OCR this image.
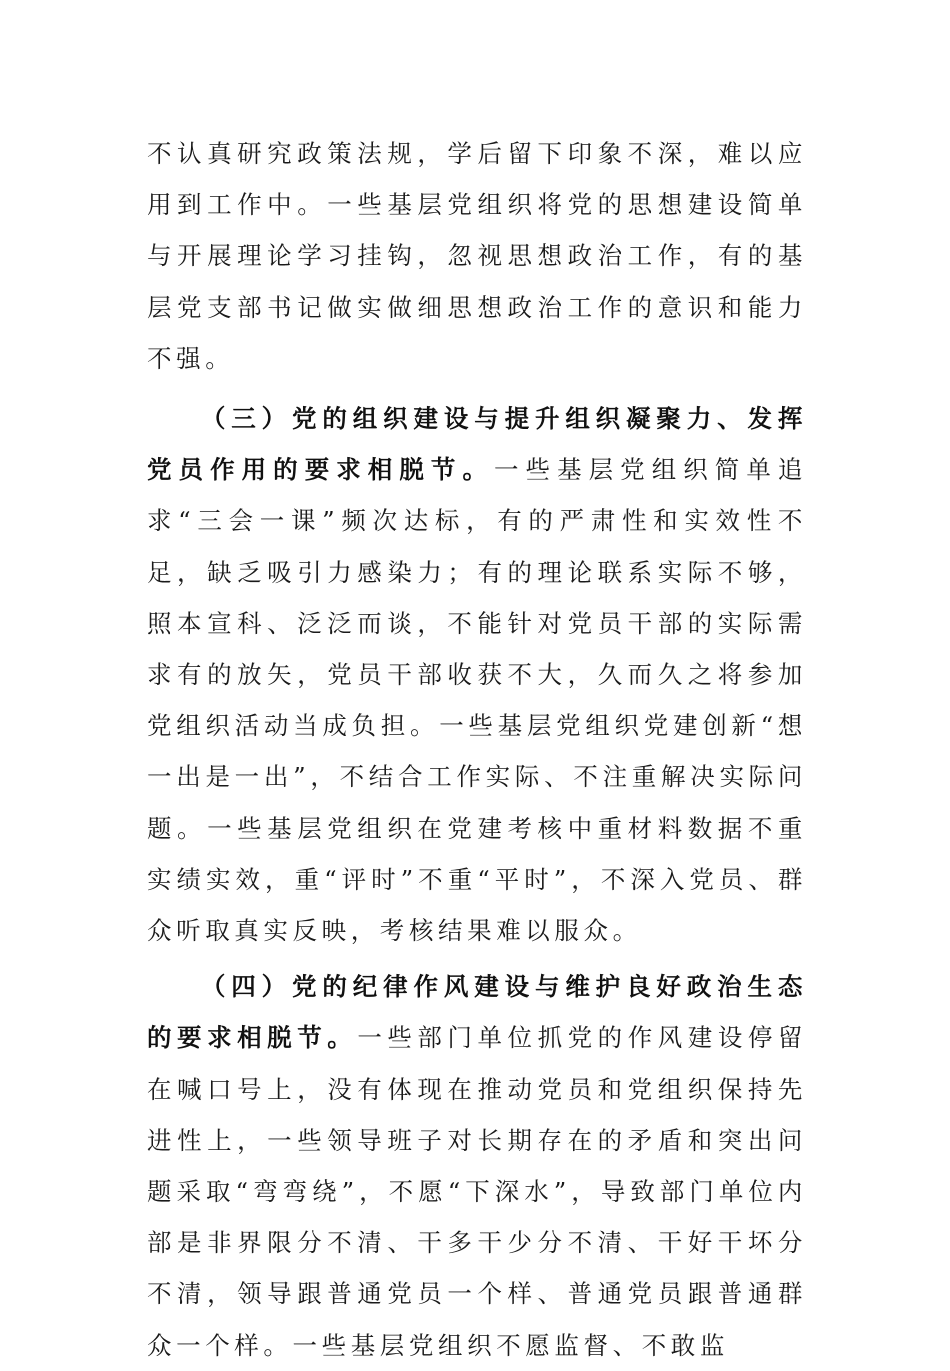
不认真研究政策法规，学后留下印象不深，难以应用到工作中。一些基层党组织将党的思想建设简单与开展理论学习挂钩，忽视思想政治工作，有的基层党支部书记做实做细思想政治工作的意识和能力不强。

（三）党的组织建设与提升组织凝聚力、发挥党员作用的要求相脱节。一些基层党组织简单追求“三会一课”频次达标，有的严肃性和实效性不足，缺乏吸引力感染力；有的理论联系实际不够，照本宣科、泛泛而谈，不能针对党员干部的实际需求有的放矢，党员干部收获不大，久而久之将参加党组织活动当成负担。一些基层党组织党建创新“想一出是一出”，不结合工作实际、不注重解决实际问题。一些基层党组织在党建考核中重材料数据不重实绩实效，重“评时”不重“平时”，不深入党员、群众听取真实反映，考核结果难以服众。

（四）党的纪律作风建设与维护良好政治生态的要求相脱节。一些部门单位抓党的作风建设停留在喊口号上，没有体现在推动党员和党组织保持先进性上，一些领导班子对长期存在的矛盾和突出问题采取“弯弯绕”，不愿“下深水”，导致部门单位内部是非界限分不清、干多干少分不清、干好干坏分不清，领导跟普通党员一个样、普通党员跟普通群众一个样。一些基层党组织不愿监督、不敢监
